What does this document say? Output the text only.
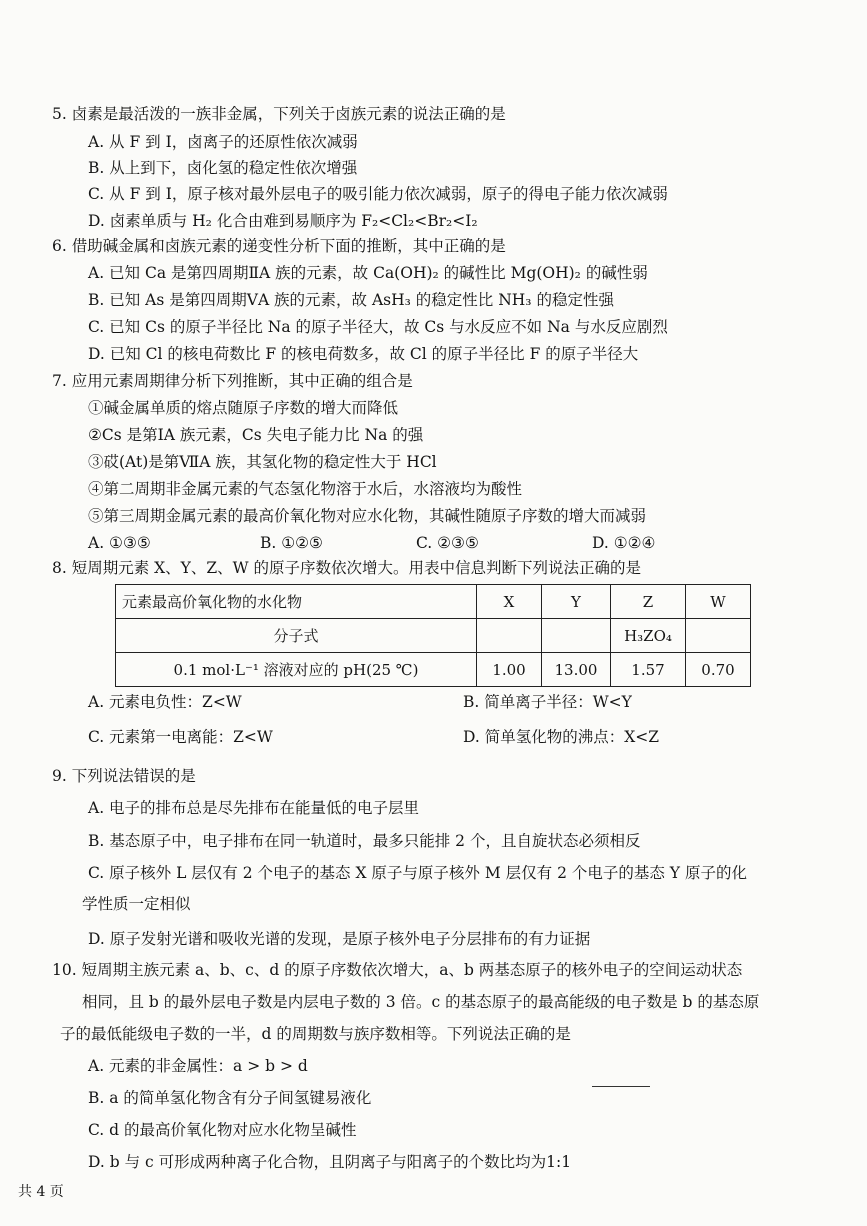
5. 卤素是最活泼的一族非金属，下列关于卤族元素的说法正确的是
A. 从 F 到 I，卤离子的还原性依次减弱
B. 从上到下，卤化氢的稳定性依次增强
C. 从 F 到 I，原子核对最外层电子的吸引能力依次减弱，原子的得电子能力依次减弱
D. 卤素单质与 H₂ 化合由难到易顺序为 F₂<Cl₂<Br₂<I₂
6. 借助碱金属和卤族元素的递变性分析下面的推断，其中正确的是
A. 已知 Ca 是第四周期ⅡA 族的元素，故 Ca(OH)₂ 的碱性比 Mg(OH)₂ 的碱性弱
B. 已知 As 是第四周期ⅤA 族的元素，故 AsH₃ 的稳定性比 NH₃ 的稳定性强
C. 已知 Cs 的原子半径比 Na 的原子半径大，故 Cs 与水反应不如 Na 与水反应剧烈
D. 已知 Cl 的核电荷数比 F 的核电荷数多，故 Cl 的原子半径比 F 的原子半径大
7. 应用元素周期律分析下列推断，其中正确的组合是
①碱金属单质的熔点随原子序数的增大而降低
②Cs 是第ⅠA 族元素，Cs 失电子能力比 Na 的强
③砹(At)是第ⅦA 族，其氢化物的稳定性大于 HCl
④第二周期非金属元素的气态氢化物溶于水后，水溶液均为酸性
⑤第三周期金属元素的最高价氧化物对应水化物，其碱性随原子序数的增大而减弱
A. ①③⑤	B. ①②⑤	C. ②③⑤	D. ①②④
8. 短周期元素 X、Y、Z、W 的原子序数依次增大。用表中信息判断下列说法正确的是
元素最高价氧化物的水化物	X	Y	Z	W
分子式			H₃ZO₄	
0.1 mol·L⁻¹ 溶液对应的 pH(25 ℃)	1.00	13.00	1.57	0.70
A. 元素电负性：Z<W	B. 简单离子半径：W<Y
C. 元素第一电离能：Z<W	D. 简单氢化物的沸点：X<Z
9. 下列说法错误的是
A. 电子的排布总是尽先排布在能量低的电子层里
B. 基态原子中，电子排布在同一轨道时，最多只能排 2 个，且自旋状态必须相反
C. 原子核外 L 层仅有 2 个电子的基态 X 原子与原子核外 M 层仅有 2 个电子的基态 Y 原子的化
学性质一定相似
D. 原子发射光谱和吸收光谱的发现，是原子核外电子分层排布的有力证据
10. 短周期主族元素 a、b、c、d 的原子序数依次增大，a、b 两基态原子的核外电子的空间运动状态
相同，且 b 的最外层电子数是内层电子数的 3 倍。c 的基态原子的最高能级的电子数是 b 的基态原
子的最低能级电子数的一半，d 的周期数与族序数相等。下列说法正确的是
A. 元素的非金属性：a > b > d
B. a 的简单氢化物含有分子间氢键易液化
C. d 的最高价氧化物对应水化物呈碱性
D. b 与 c 可形成两种离子化合物，且阴离子与阳离子的个数比均为1:1
共 4 页
